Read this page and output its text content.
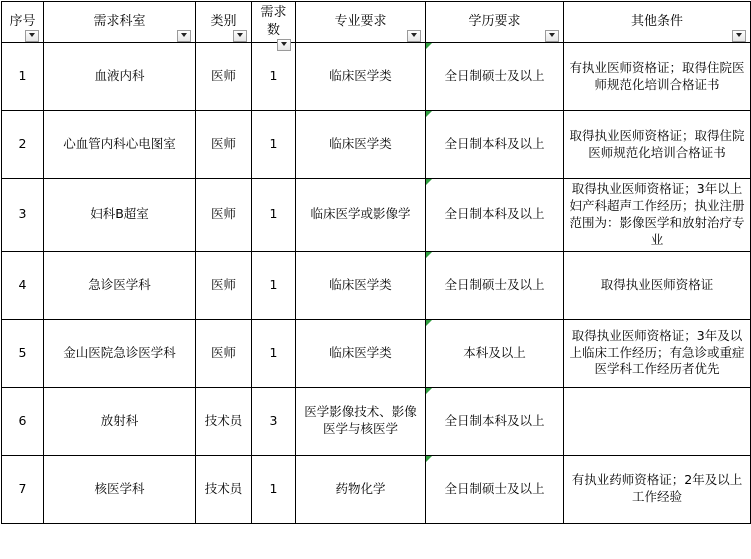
序号	需求科室	类别	需求数	专业要求	学历要求	其他条件

1	血液内科	医师	1	临床医学类	全日制硕士及以上	有执业医师资格证；取得住院医师规范化培训合格证书
2	心血管内科心电图室	医师	1	临床医学类	全日制本科及以上	取得执业医师资格证；取得住院医师规范化培训合格证书
3	妇科B超室	医师	1	临床医学或影像学	全日制本科及以上	取得执业医师资格证；3年以上妇产科超声工作经历；执业注册范围为：影像医学和放射治疗专业
4	急诊医学科	医师	1	临床医学类	全日制硕士及以上	取得执业医师资格证
5	金山医院急诊医学科	医师	1	临床医学类	本科及以上	取得执业医师资格证；3年及以上临床工作经历；有急诊或重症医学科工作经历者优先
6	放射科	技术员	3	医学影像技术、影像医学与核医学	全日制本科及以上	
7	核医学科	技术员	1	药物化学	全日制硕士及以上	有执业药师资格证；2年及以上工作经验
